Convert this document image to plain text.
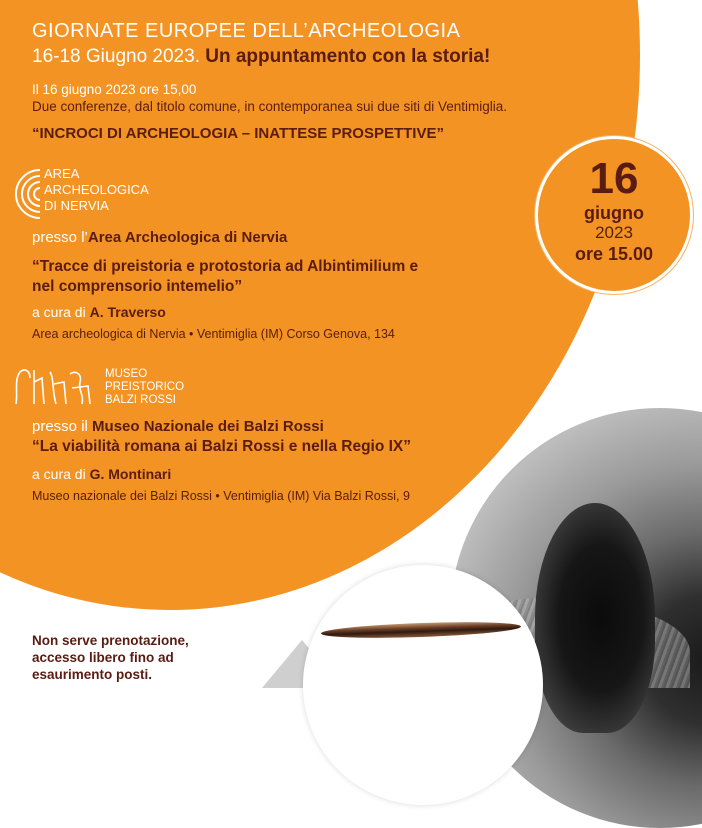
GIORNATE EUROPEE DELL’ARCHEOLOGIA
16-18 Giugno 2023. Un appuntamento con la storia!
Il 16 giugno 2023 ore 15,00
Due conferenze, dal titolo comune, in contemporanea sui due siti di Ventimiglia.
“INCROCI DI ARCHEOLOGIA – INATTESE PROSPETTIVE”
16
giugno
2023
ore 15.00
AREA
ARCHEOLOGICA
DI NERVIA
presso l’Area Archeologica di Nervia
“Tracce di preistoria e protostoria ad Albintimilium e
nel comprensorio intemelio”
a cura di A. Traverso
Area archeologica di Nervia • Ventimiglia (IM) Corso Genova, 134
MUSEO
PREISTORICO
BALZI ROSSI
presso il Museo Nazionale dei Balzi Rossi
“La viabilità romana ai Balzi Rossi e nella Regio IX”
a cura di G. Montinari
Museo nazionale dei Balzi Rossi • Ventimiglia (IM) Via Balzi Rossi, 9
Non serve prenotazione,
accesso libero fino ad
esaurimento posti.
